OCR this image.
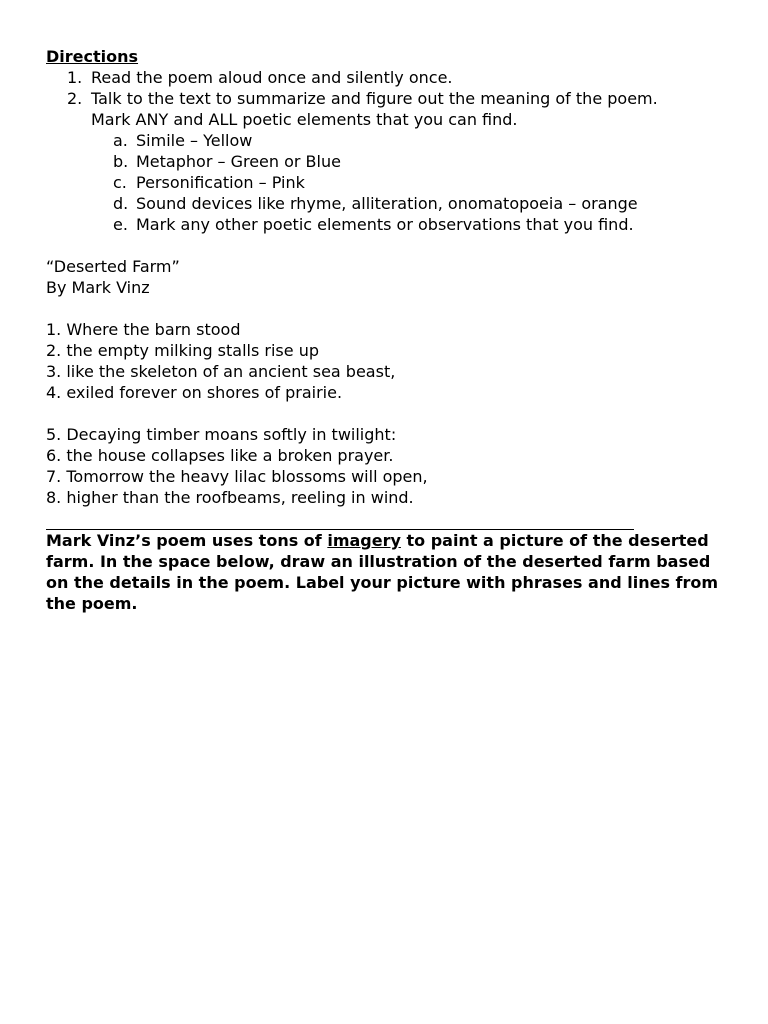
Directions
1. Read the poem aloud once and silently once.
2. Talk to the text to summarize and figure out the meaning of the poem.
Mark ANY and ALL poetic elements that you can find.
a. Simile – Yellow
b. Metaphor – Green or Blue
c. Personification – Pink
d. Sound devices like rhyme, alliteration, onomatopoeia – orange
e. Mark any other poetic elements or observations that you find.
“Deserted Farm”
By Mark Vinz
1. Where the barn stood
2. the empty milking stalls rise up
3. like the skeleton of an ancient sea beast,
4. exiled forever on shores of prairie.
5. Decaying timber moans softly in twilight:
6. the house collapses like a broken prayer.
7. Tomorrow the heavy lilac blossoms will open,
8. higher than the roofbeams, reeling in wind.
Mark Vinz’s poem uses tons of imagery to paint a picture of the deserted farm. In the space below, draw an illustration of the deserted farm based on the details in the poem. Label your picture with phrases and lines from the poem.
